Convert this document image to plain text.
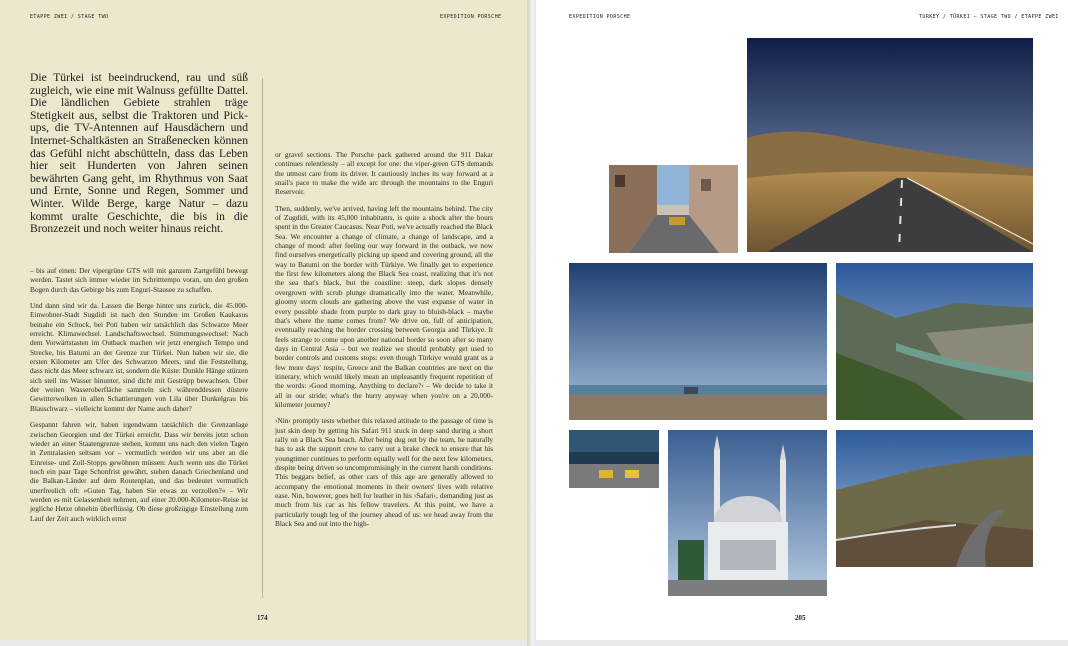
ETAPPE ZWEI / STAGE TWO	EXPEDITION PORSCHE

Die Türkei ist beeindruckend, rau und süß zugleich, wie eine mit Walnuss gefüllte Dattel. Die ländlichen Gebiete strahlen träge Stetigkeit aus, selbst die Traktoren und Pick-ups, die TV-Antennen auf Hausdächern und Internet-Schaltkästen an Straßenecken können das Gefühl nicht abschütteln, dass das Leben hier seit Hunderten von Jahren seinen bewährten Gang geht, im Rhythmus von Saat und Ernte, Sonne und Regen, Sommer und Winter. Wilde Berge, karge Natur – dazu kommt uralte Geschichte, die bis in die Bronzezeit und noch weiter hinaus reicht.

– bis auf einen: Der vipergrüne GTS will mit ganzem Zartgefühl bewegt werden. Tastet sich immer wieder im Schritttempo voran, um den großen Bogen durch das Gebirge bis zum Enguri-Stausee zu schaffen.

Und dann sind wir da. Lassen die Berge hinter uns zurück, die 45.000-Einwohner-Stadt Sugdidi ist nach den Stunden im Großen Kaukasus beinahe ein Schock, bei Poti haben wir tatsächlich das Schwarze Meer erreicht. Klimawechsel. Landschaftswechsel. Stimmungswechsel: Nach dem Vorwärtstasten im Outback machen wir jetzt energisch Tempo und Strecke, bis Batumi an der Grenze zur Türkei. Nun haben wir sie, die ersten Kilometer am Ufer des Schwarzen Meers, und die Feststellung, dass nicht das Meer schwarz ist, sondern die Küste: Dunkle Hänge stürzen sich steil ins Wasser hinunter, sind dicht mit Gestrüpp bewachsen. Über der weiten Wasseroberfläche sammeln sich währenddessen düstere Gewitterwolken in allen Schattierungen von Lila über Dunkelgrau bis Blauschwarz – vielleicht kommt der Name auch daher?

Gespannt fahren wir, haben irgendwann tatsächlich die Grenzanlage zwischen Georgien und der Türkei erreicht. Dass wir bereits jetzt schon wieder an einer Staatengrenze stehen, kommt uns nach den vielen Tagen in Zentralasien seltsam vor – vermutlich werden wir uns aber an die Einreise- und Zoll-Stopps gewöhnen müssen: Auch wenn uns die Türkei noch ein paar Tage Schonfrist gewährt, stehen danach Griechenland und die Balkan-Länder auf dem Routenplan, und das bedeutet vermutlich unerfreulich oft: »Guten Tag, haben Sie etwas zu verzollen?« – Wir werden es mit Gelassenheit nehmen, auf einer 20.000-Kilometer-Reise ist jegliche Hetze ohnehin überflüssig. Ob diese großzügige Einstellung zum Lauf der Zeit auch wirklich ernst

or gravel sections. The Porsche pack gathered around the 911 Dakar continues relentlessly – all except for one: the viper-green GTS demands the utmost care from its driver. It cautiously inches its way forward at a snail's pace to make the wide arc through the mountains to the Enguri Reservoir.

Then, suddenly, we've arrived, having left the mountains behind. The city of Zugdidi, with its 45,000 inhabitants, is quite a shock after the hours spent in the Greater Caucasus. Near Poti, we've actually reached the Black Sea. We encounter a change of climate, a change of landscape, and a change of mood: after feeling our way forward in the outback, we now find ourselves energetically picking up speed and covering ground, all the way to Batumi on the border with Türkiye. We finally get to experience the first few kilometers along the Black Sea coast, realizing that it's not the sea that's black, but the coastline: steep, dark slopes densely overgrown with scrub plunge dramatically into the water. Meanwhile, gloomy storm clouds are gathering above the vast expanse of water in every possible shade from purple to dark gray to bluish-black – maybe that's where the name comes from? We drive on, full of anticipation, eventually reaching the border crossing between Georgia and Türkiye. It feels strange to come upon another national border so soon after so many days in Central Asia – but we realize we should probably get used to border controls and customs stops: even though Türkiye would grant us a few more days' respite, Greece and the Balkan countries are next on the itinerary, which would likely mean an unpleasantly frequent repetition of the words: ›Good morning. Anything to declare?‹ – We decide to take it all in our stride; what's the hurry anyway when you're on a 20,000-kilometer journey?

›Nin‹ promptly tests whether this relaxed attitude to the passage of time is just skin deep by getting his Safari 911 stuck in deep sand during a short rally on a Black Sea beach. After being dug out by the team, he naturally has to ask the support crew to carry out a brake check to ensure that his youngtimer continues to perform equally well for the next few kilometers, despite being driven so uncompromisingly in the current harsh conditions. This beggars belief, as other cars of this age are generally allowed to accompany the emotional moments in their owners' lives with relative ease. Nin, however, goes hell for leather in his ›Safari‹, demanding just as much from his car as his fellow travelers. At this point, we have a particularly tough leg of the journey ahead of us: we head away from the Black Sea and out into the high-

174
EXPEDITION PORSCHE	TURKEY / TÜRKEI – STAGE TWO / ETAPPE ZWEI
205
